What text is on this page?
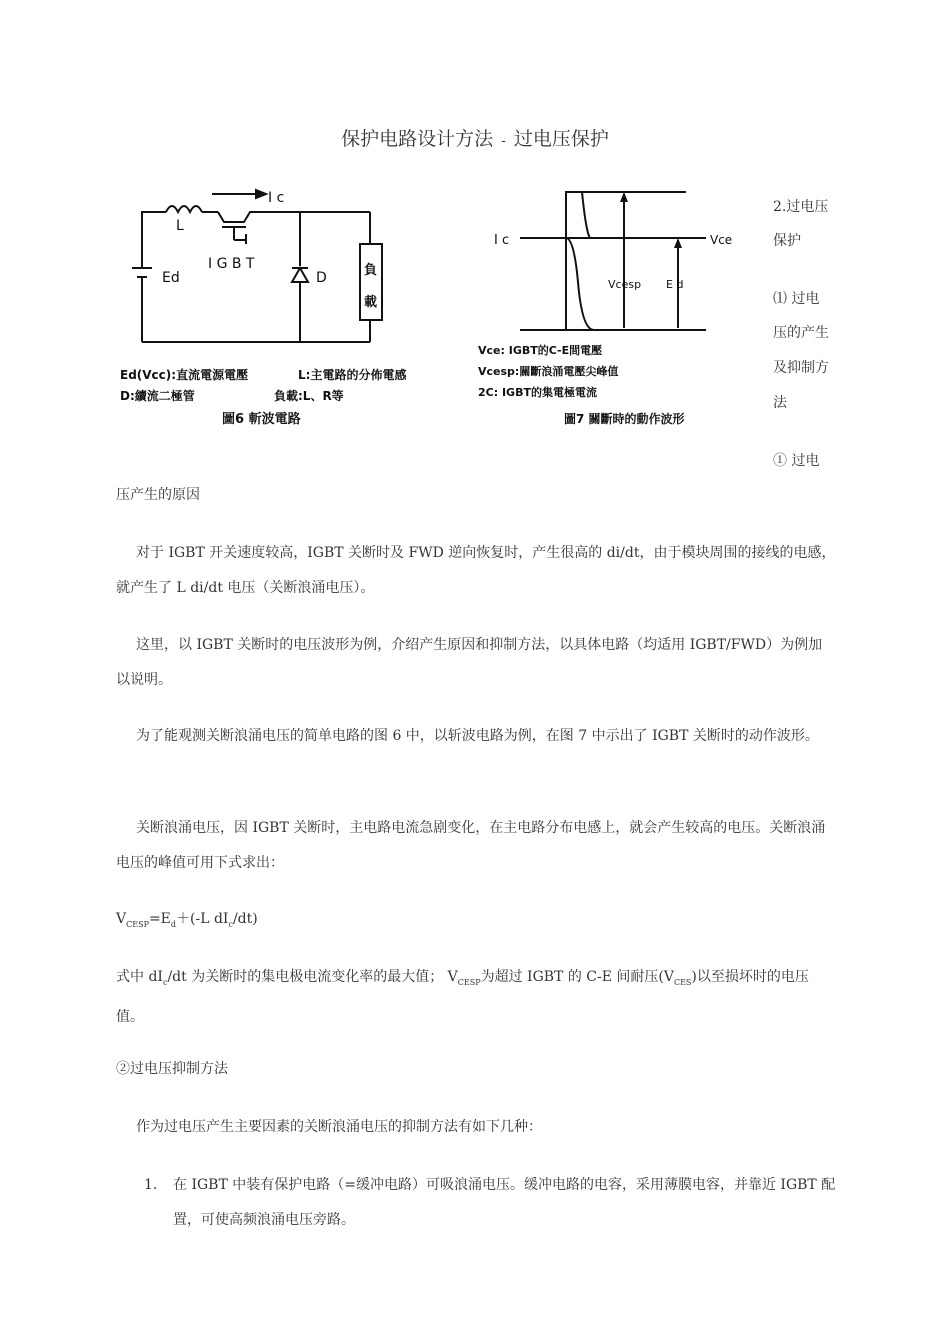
保护电路设计方法 - 过电压保护
I c
L
I G B T
Ed	D	負
載
Ed(Vcc):直流電源電壓	L:主電路的分佈電感
D:續流二極管	負載:L、R等
圖6 斬波電路
I c	Vce
Vcesp E d
Vce: IGBT的C-E間電壓
Vcesp:關斷浪涌電壓尖峰值
2C: IGBT的集電極電流
圖7 關斷時的動作波形
2.过电压
保护
⑴ 过电
压的产生
及抑制方
法
① 过电
压产生的原因
对于 IGBT 开关速度较高，IGBT 关断时及 FWD 逆向恢复时，产生很高的 di/dt，由于模块周围的接线的电感，就产生了 L di/dt 电压（关断浪涌电压）。
这里，以 IGBT 关断时的电压波形为例，介绍产生原因和抑制方法，以具体电路（均适用 IGBT/FWD）为例加以说明。
为了能观测关断浪涌电压的简单电路的图 6 中，以斩波电路为例，在图 7 中示出了 IGBT 关断时的动作波形。
关断浪涌电压，因 IGBT 关断时，主电路电流急剧变化，在主电路分布电感上，就会产生较高的电压。关断浪涌电压的峰值可用下式求出：
$V_{CESP}=E_d+(-L$ $dI_c/dt$)
式中 $dI_c/dt$ 为关断时的集电极电流变化率的最大值； $V_{CESP}$为超过 IGBT 的 C-E 间耐压$(V_{CES})$以至损坏时的电压值。
②过电压抑制方法
作为过电压产生主要因素的关断浪涌电压的抑制方法有如下几种：
1. 在 IGBT 中装有保护电路（=缓冲电路）可吸浪涌电压。缓冲电路的电容，采用薄膜电容，并靠近 IGBT 配置，可使高频浪涌电压旁路。
